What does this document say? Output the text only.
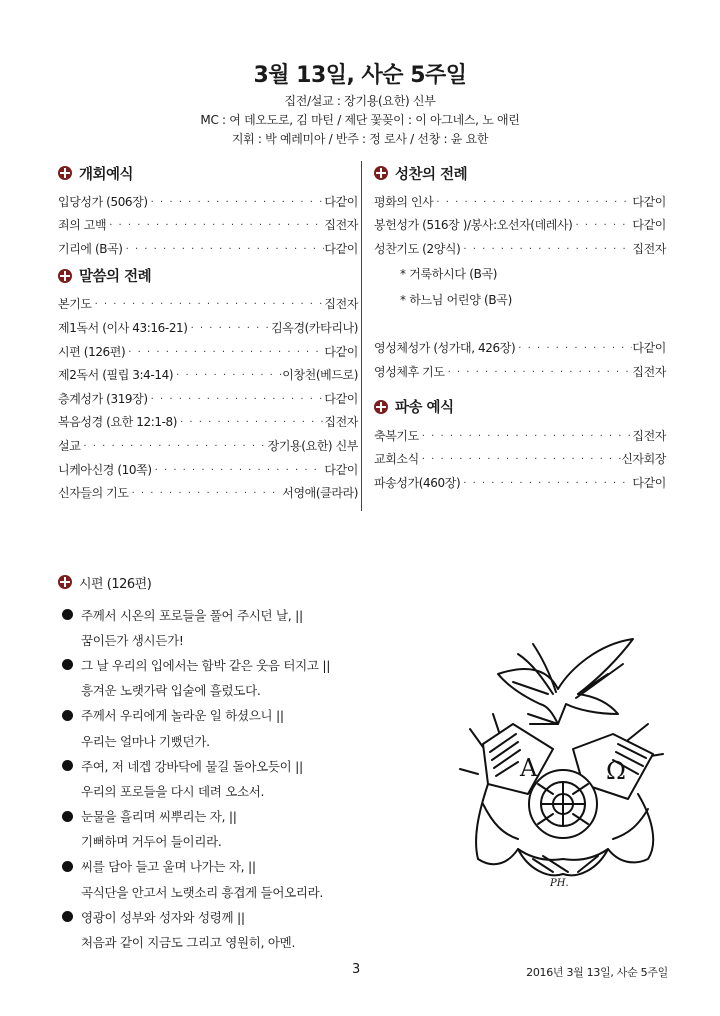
3월 13일, 사순 5주일
집전/설교 : 장기용(요한) 신부
MC : 여 데오도로, 김 마틴 / 제단 꽃꽂이 : 이 아그네스, 노 애린
지휘 : 박 예레미아 / 반주 : 정 로사 / 선창 : 윤 요한
개회예식
입당성가 (506장) · · ·	다같이
죄의 고백 · · ·	집전자
기리에 (B곡) · · ·	다같이
말씀의 전례
본기도 · · ·	집전자
제1독서 (이사 43:16-21) · · ·	김옥경(카타리나)
시편 (126편) · · ·	다같이
제2독서 (필립 3:4-14) · · ·	이창천(베드로)
층계성가 (319장) · · ·	다같이
복음성경 (요한 12:1-8) · · ·	집전자
설교 · · ·	장기용(요한) 신부
니케아신경 (10쪽) · · ·	다같이
신자들의 기도 · · ·	서영애(클라라)
성찬의 전례
평화의 인사 · · ·	다같이
봉헌성가 (516장 )/봉사:오선자(데레사) · · ·	다같이
성찬기도 (2양식) · · ·	집전자
* 거룩하시다 (B곡)
* 하느님 어린양 (B곡)
영성체성가 (성가대, 426장) · · ·	다같이
영성체후 기도 · · ·	집전자
파송 예식
축복기도 · · ·	집전자
교회소식 · · ·	신자회장
파송성가(460장) · · ·	다같이
시편 (126편)
주께서 시온의 포로들을 풀어 주시던 날, ||
꿈이든가 생시든가!
그 날 우리의 입에서는 함박 같은 웃음 터지고 ||
흥겨운 노랫가락 입술에 흘렀도다.
주께서 우리에게 놀라운 일 하셨으니 ||
우리는 얼마나 기뻤던가.
주여, 저 네겝 강바닥에 물길 돌아오듯이 ||
우리의 포로들을 다시 데려 오소서.
눈물을 흘리며 씨뿌리는 자, ||
기뻐하며 거두어 들이리라.
씨를 담아 들고 울며 나가는 자, ||
곡식단을 안고서 노랫소리 흥겹게 들어오리라.
영광이 성부와 성자와 성령께 ||
처음과 같이 지금도 그리고 영원히, 아멘.
A	Ω
PH.
3	2016년 3월 13일, 사순 5주일
